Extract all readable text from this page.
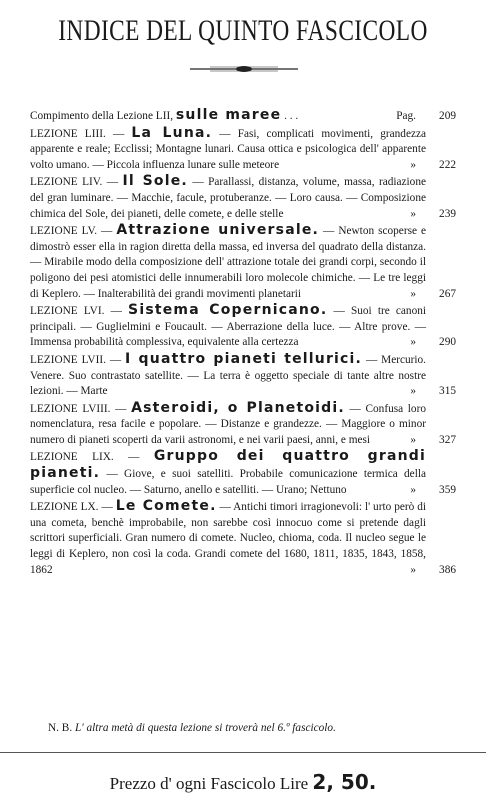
INDICE DEL QUINTO FASCICOLO
Compimento della Lezione LII, sulle maree . . .	Pag.	209
LEZIONE LIII. — La Luna. — Fasi, complicati movimenti, grandezza apparente e reale; Ecclissi; Montagne lunari. Causa ottica e psicologica dell' apparente volto umano. — Piccola influenza lunare sulle meteore	»	222
LEZIONE LIV. — Il Sole. — Parallassi, distanza, volume, massa, radiazione del gran luminare. — Macchie, facule, protuberanze. — Loro causa. — Composizione chimica del Sole, dei pianeti, delle comete, e delle stelle	»	239
LEZIONE LV. — Attrazione universale. — Newton scoperse e dimostrò esser ella in ragion diretta della massa, ed inversa del quadrato della distanza. — Mirabile modo della composizione dell' attrazione totale dei grandi corpi, secondo il poligono dei pesi atomistici delle innumerabili loro molecole chimiche. — Le tre leggi di Keplero. — Inalterabilità dei grandi movimenti planetarii	»	267
LEZIONE LVI. — Sistema Copernicano. — Suoi tre canoni principali. — Guglielmini e Foucault. — Aberrazione della luce. — Altre prove. — Immensa probabilità complessiva, equivalente alla certezza	»	290
LEZIONE LVII. — I quattro pianeti tellurici. — Mercurio. Venere. Suo contrastato satellite. — La terra è oggetto speciale di tante altre nostre lezioni. — Marte	»	315
LEZIONE LVIII. — Asteroidi, o Planetoidi. — Confusa loro nomenclatura, resa facile e popolare. — Distanze e grandezze. — Maggiore o minor numero di pianeti scoperti da varii astronomi, e nei varii paesi, anni, e mesi	»	327
LEZIONE LIX. — Gruppo dei quattro grandi pianeti. — Giove, e suoi satelliti. Probabile comunicazione termica della superficie col nucleo. — Saturno, anello e satelliti. — Urano; Nettuno	»	359
LEZIONE LX. — Le Comete. — Antichi timori irragionevoli: l' urto però di una cometa, benchè improbabile, non sarebbe così innocuo come si pretende dagli scrittori superficiali. Gran numero di comete. Nucleo, chioma, coda. Il nucleo segue le leggi di Keplero, non così la coda. Grandi comete del 1680, 1811, 1835, 1843, 1858, 1862	»	386
N. B. L' altra metà di questa lezione si troverà nel 6.º fascicolo.
Prezzo d' ogni Fascicolo Lire 2, 50.
